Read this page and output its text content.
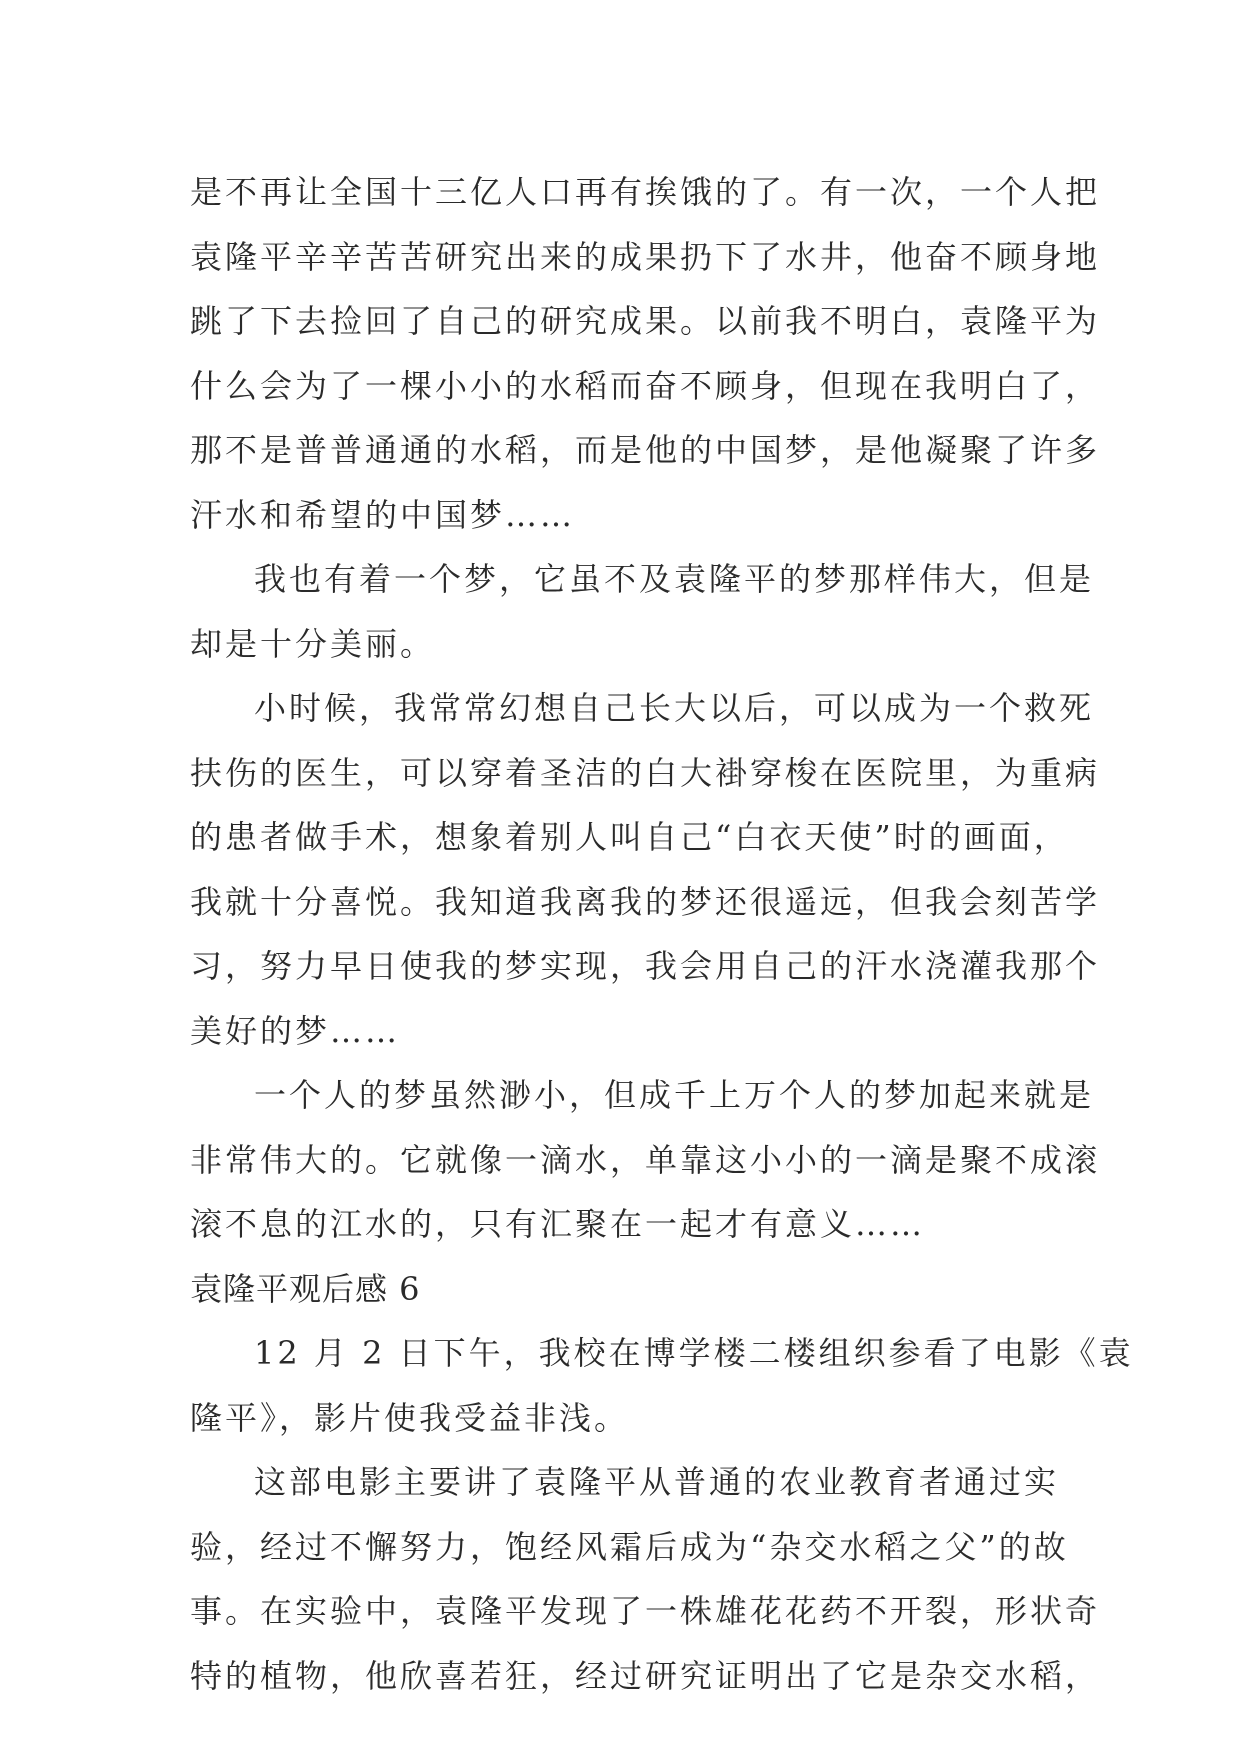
是不再让全国十三亿人口再有挨饿的了。有一次，一个人把
袁隆平辛辛苦苦研究出来的成果扔下了水井，他奋不顾身地
跳了下去捡回了自己的研究成果。以前我不明白，袁隆平为
什么会为了一棵小小的水稻而奋不顾身，但现在我明白了，
那不是普普通通的水稻，而是他的中国梦，是他凝聚了许多
汗水和希望的中国梦……
我也有着一个梦，它虽不及袁隆平的梦那样伟大，但是
却是十分美丽。
小时候，我常常幻想自己长大以后，可以成为一个救死
扶伤的医生，可以穿着圣洁的白大褂穿梭在医院里，为重病
的患者做手术，想象着别人叫自己“白衣天使”时的画面，
我就十分喜悦。我知道我离我的梦还很遥远，但我会刻苦学
习，努力早日使我的梦实现，我会用自己的汗水浇灌我那个
美好的梦……
一个人的梦虽然渺小，但成千上万个人的梦加起来就是
非常伟大的。它就像一滴水，单靠这小小的一滴是聚不成滚
滚不息的江水的，只有汇聚在一起才有意义……
袁隆平观后感 6
12 月 2 日下午，我校在博学楼二楼组织参看了电影《袁
隆平》，影片使我受益非浅。
这部电影主要讲了袁隆平从普通的农业教育者通过实
验，经过不懈努力，饱经风霜后成为“杂交水稻之父”的故
事。在实验中，袁隆平发现了一株雄花花药不开裂，形状奇
特的植物，他欣喜若狂，经过研究证明出了它是杂交水稻，
